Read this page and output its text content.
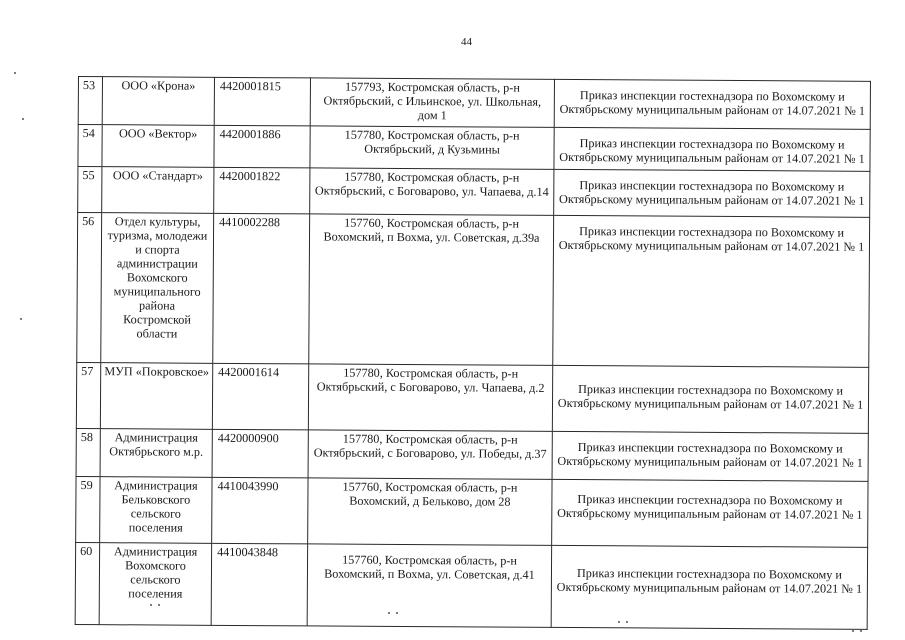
44
53	ООО «Крона»	4420001815	157793, Костромская область, р-н Октябрьский, с Ильинское, ул. Школьная, дом 1	Приказ инспекции гостехнадзора по Вохомскому и Октябрьскому муниципальным районам от 14.07.2021 № 1
54	ООО «Вектор»	4420001886	157780, Костромская область, р-н Октябрьский, д Кузьмины	Приказ инспекции гостехнадзора по Вохомскому и Октябрьскому муниципальным районам от 14.07.2021 № 1
55	ООО «Стандарт»	4420001822	157780, Костромская область, р-н Октябрьский, с Боговарово, ул. Чапаева, д.14	Приказ инспекции гостехнадзора по Вохомскому и Октябрьскому муниципальным районам от 14.07.2021 № 1
56	Отдел культуры, туризма, молодежи и спорта администрации Вохомского муниципального района Костромской области	4410002288	157760, Костромская область, р-н Вохомский, п Вохма, ул. Советская, д.39а	Приказ инспекции гостехнадзора по Вохомскому и Октябрьскому муниципальным районам от 14.07.2021 № 1
57	МУП «Покровское»	4420001614	157780, Костромская область, р-н Октябрьский, с Боговарово, ул. Чапаева, д.2	Приказ инспекции гостехнадзора по Вохомскому и Октябрьскому муниципальным районам от 14.07.2021 № 1
58	Администрация Октябрьского м.р.	4420000900	157780, Костромская область, р-н Октябрьский, с Боговарово, ул. Победы, д.37	Приказ инспекции гостехнадзора по Вохомскому и Октябрьскому муниципальным районам от 14.07.2021 № 1
59	Администрация Бельковского сельского поселения	4410043990	157760, Костромская область, р-н Вохомский, д Бельково, дом 28	Приказ инспекции гостехнадзора по Вохомскому и Октябрьскому муниципальным районам от 14.07.2021 № 1
60	Администрация Вохомского сельского поселения	4410043848	157760, Костромская область, р-н Вохомский, п Вохма, ул. Советская, д.41	Приказ инспекции гостехнадзора по Вохомскому и Октябрьскому муниципальным районам от 14.07.2021 № 1
